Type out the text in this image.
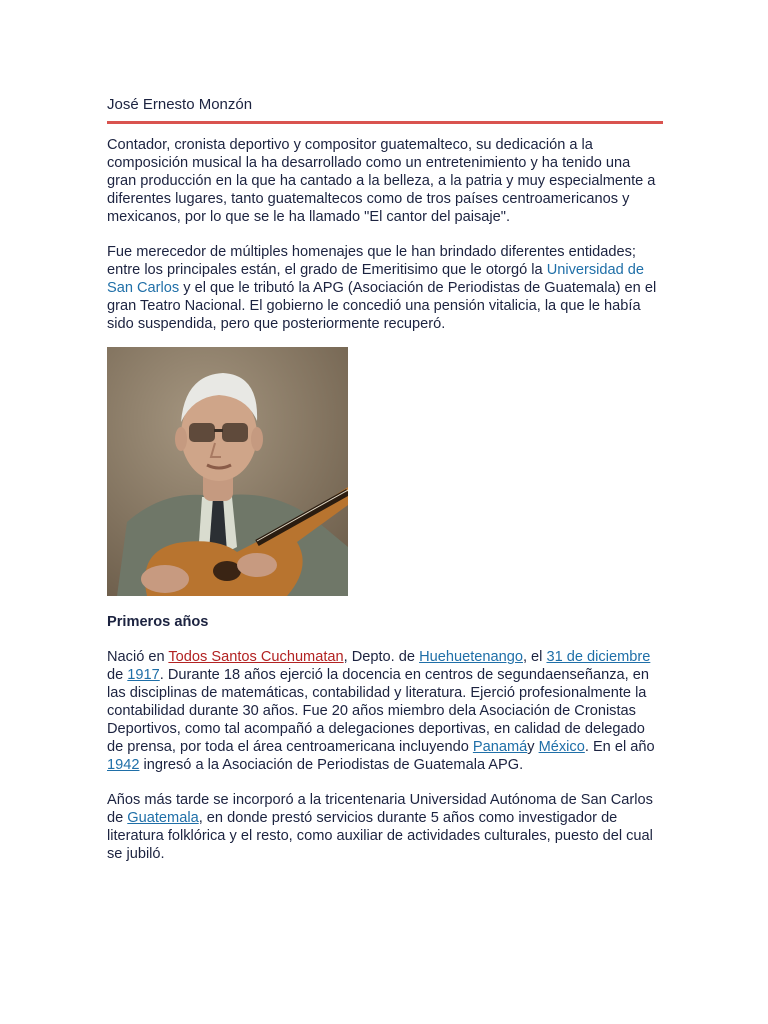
José Ernesto Monzón

Contador, cronista deportivo y compositor guatemalteco, su dedicación a la composición musical la ha desarrollado como un entretenimiento y ha tenido una gran producción en la que ha cantado a la belleza, a la patria y muy especialmente a diferentes lugares, tanto guatemaltecos como de tros países centroamericanos y mexicanos, por lo que se le ha llamado "El cantor del paisaje".

Fue merecedor de múltiples homenajes que le han brindado diferentes entidades; entre los principales están, el grado de Emeritisimo que le otorgó la Universidad de San Carlos y el que le tributó la APG (Asociación de Periodistas de Guatemala) en el gran Teatro Nacional. El gobierno le concedió una pensión vitalicia, la que le había sido suspendida, pero que posteriormente recuperó.

Primeros años

Nació en Todos Santos Cuchumatan, Depto. de Huehuetenango, el 31 de diciembre de 1917. Durante 18 años ejerció la docencia en centros de segundaenseñanza, en las disciplinas de matemáticas, contabilidad y literatura. Ejerció profesionalmente la contabilidad durante 30 años. Fue 20 años miembro dela Asociación de Cronistas Deportivos, como tal acompañó a delegaciones deportivas, en calidad de delegado de prensa, por toda el área centroamericana incluyendo Panamáy México. En el año 1942 ingresó a la Asociación de Periodistas de Guatemala APG.

Años más tarde se incorporó a la tricentenaria Universidad Autónoma de San Carlos de Guatemala, en donde prestó servicios durante 5 años como investigador de literatura folklórica y el resto, como auxiliar de actividades culturales, puesto del cual se jubiló.
